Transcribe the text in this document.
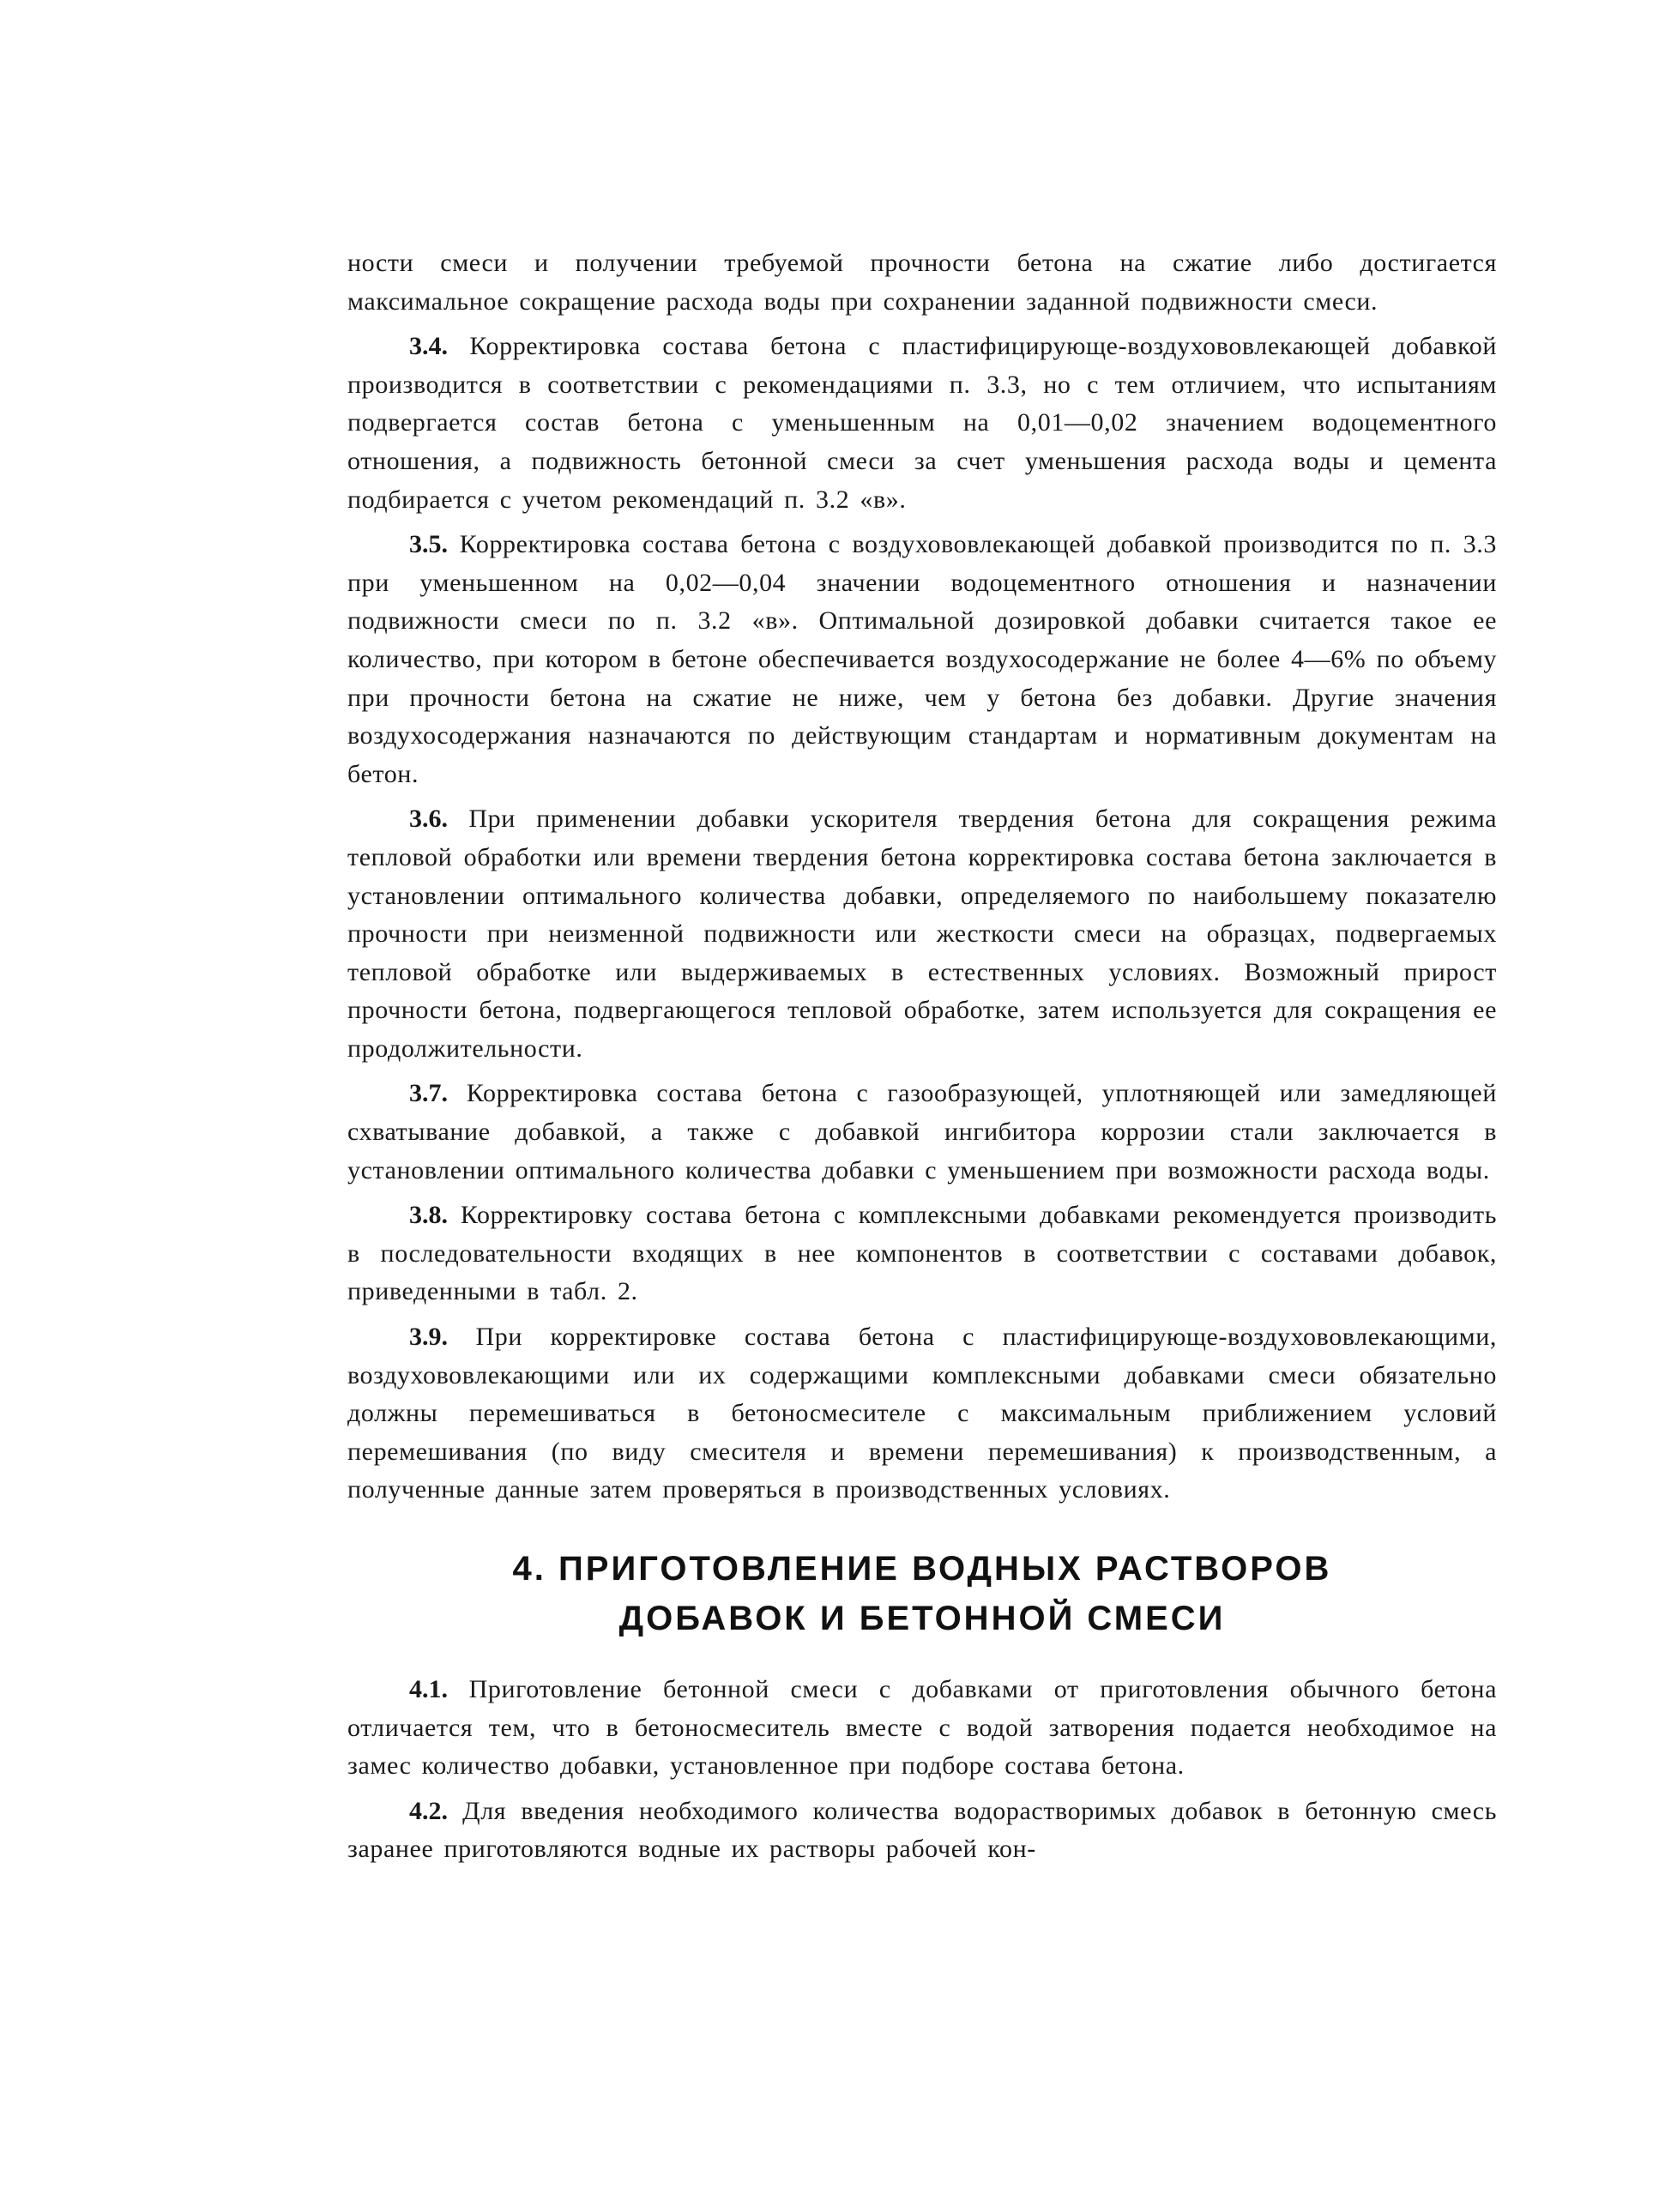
ности смеси и получении требуемой прочности бетона на сжатие либо достигается максимальное сокращение расхода воды при сохранении заданной подвижности смеси.

3.4. Корректировка состава бетона с пластифицирующе-воздухововлекающей добавкой производится в соответствии с рекомендациями п. 3.3, но с тем отличием, что испытаниям подвергается состав бетона с уменьшенным на 0,01—0,02 значением водоцементного отношения, а подвижность бетонной смеси за счет уменьшения расхода воды и цемента подбирается с учетом рекомендаций п. 3.2 «в».

3.5. Корректировка состава бетона с воздухововлекающей добавкой производится по п. 3.3 при уменьшенном на 0,02—0,04 значении водоцементного отношения и назначении подвижности смеси по п. 3.2 «в». Оптимальной дозировкой добавки считается такое ее количество, при котором в бетоне обеспечивается воздухосодержание не более 4—6% по объему при прочности бетона на сжатие не ниже, чем у бетона без добавки. Другие значения воздухосодержания назначаются по действующим стандартам и нормативным документам на бетон.

3.6. При применении добавки ускорителя твердения бетона для сокращения режима тепловой обработки или времени твердения бетона корректировка состава бетона заключается в установлении оптимального количества добавки, определяемого по наибольшему показателю прочности при неизменной подвижности или жесткости смеси на образцах, подвергаемых тепловой обработке или выдерживаемых в естественных условиях. Возможный прирост прочности бетона, подвергающегося тепловой обработке, затем используется для сокращения ее продолжительности.

3.7. Корректировка состава бетона с газообразующей, уплотняющей или замедляющей схватывание добавкой, а также с добавкой ингибитора коррозии стали заключается в установлении оптимального количества добавки с уменьшением при возможности расхода воды.

3.8. Корректировку состава бетона с комплексными добавками рекомендуется производить в последовательности входящих в нее компонентов в соответствии с составами добавок, приведенными в табл. 2.

3.9. При корректировке состава бетона с пластифицирующе-воздухововлекающими, воздухововлекающими или их содержащими комплексными добавками смеси обязательно должны перемешиваться в бетоносмесителе с максимальным приближением условий перемешивания (по виду смесителя и времени перемешивания) к производственным, а полученные данные затем проверяться в производственных условиях.

4. ПРИГОТОВЛЕНИЕ ВОДНЫХ РАСТВОРОВ
ДОБАВОК И БЕТОННОЙ СМЕСИ

4.1. Приготовление бетонной смеси с добавками от приготовления обычного бетона отличается тем, что в бетоносмеситель вместе с водой затворения подается необходимое на замес количество добавки, установленное при подборе состава бетона.

4.2. Для введения необходимого количества водорастворимых добавок в бетонную смесь заранее приготовляются водные их растворы рабочей кон-
